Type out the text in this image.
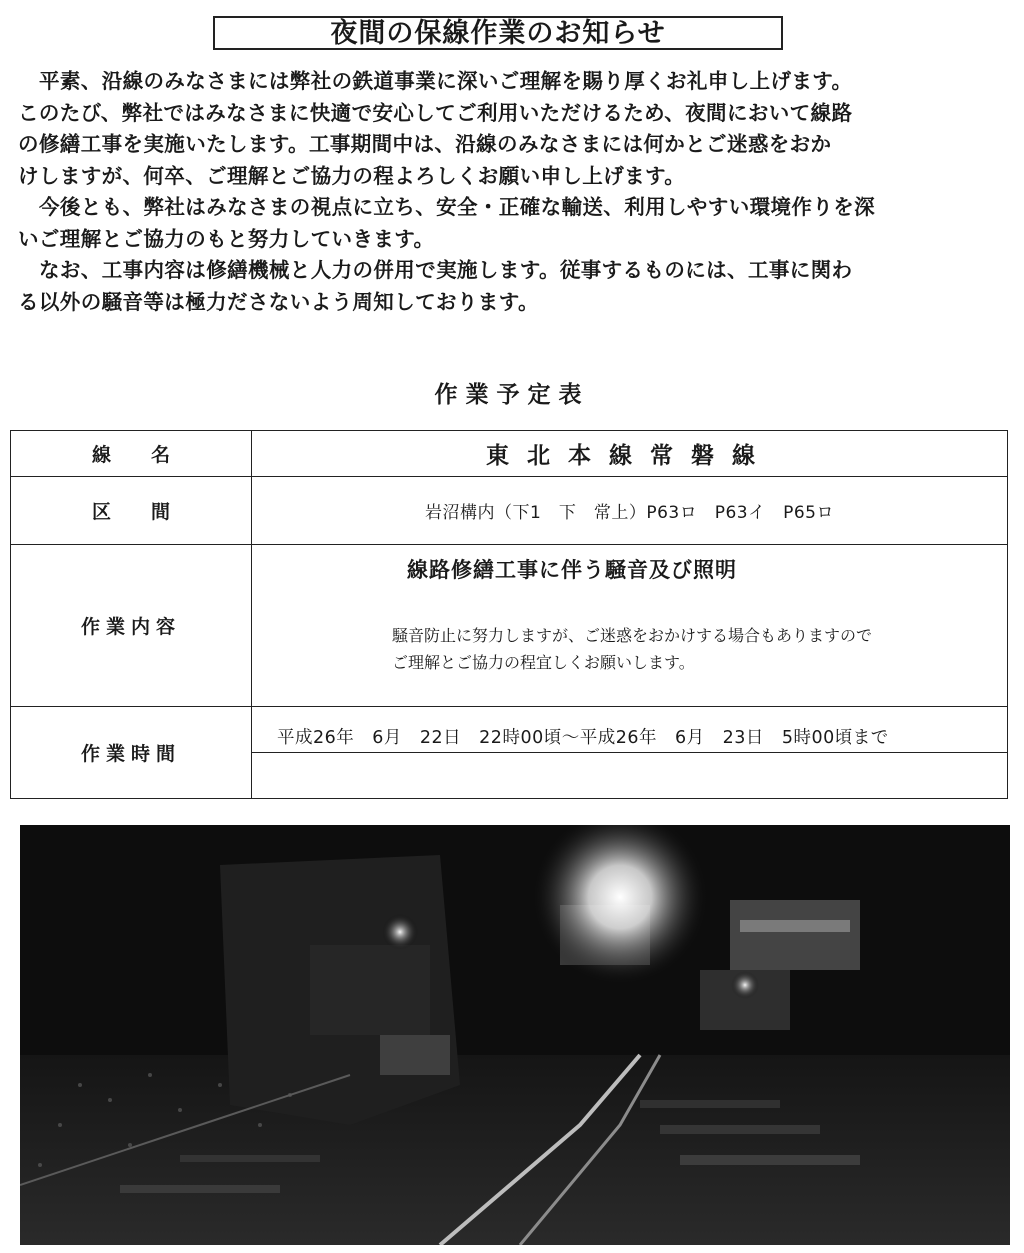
夜間の保線作業のお知らせ

平素、沿線のみなさまには弊社の鉄道事業に深いご理解を賜り厚くお礼申し上げます。

このたび、弊社ではみなさまに快適で安心してご利用いただけるため、夜間において線路

の修繕工事を実施いたします。工事期間中は、沿線のみなさまには何かとご迷惑をおか

けしますが、何卒、ご理解とご協力の程よろしくお願い申し上げます。

今後とも、弊社はみなさまの視点に立ち、安全・正確な輸送、利用しやすい環境作りを深

いご理解とご協力のもと努力していきます。

なお、工事内容は修繕機械と人力の併用で実施します。従事するものには、工事に関わ

る以外の騒音等は極力ださないよう周知しております。

作業予定表
線名	東北本線常磐線
区間	岩沼構内（下1　下　常上）P63ロ　P63イ　P65ロ
作業内容	線路修繕工事に伴う騒音及び照明
騒音防止に努力しますが、ご迷惑をおかけする場合もありますので
ご理解とご協力の程宜しくお願いします。

作業時間	平成26年　6月　22日　22時00頃～平成26年　6月　23日　5時00頃まで
